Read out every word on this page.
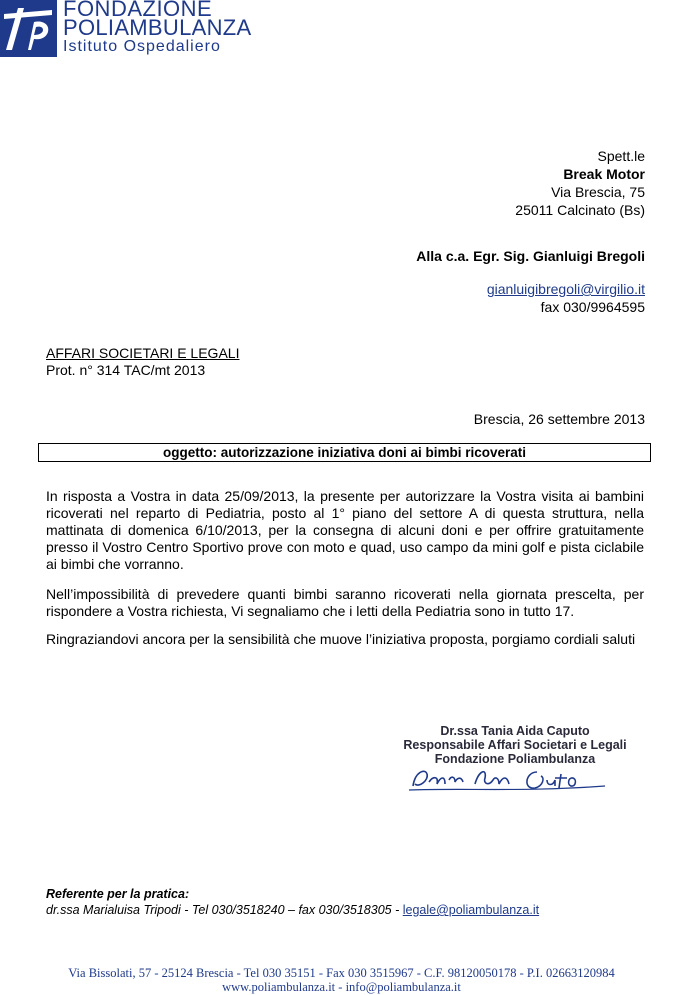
FONDAZIONE
POLIAMBULANZA
Istituto Ospedaliero
Spett.le
Break Motor
Via Brescia, 75
25011 Calcinato (Bs)
Alla c.a. Egr. Sig. Gianluigi Bregoli
gianluigibregoli@virgilio.it
fax 030/9964595
AFFARI SOCIETARI E LEGALI
Prot. n° 314 TAC/mt 2013
Brescia, 26 settembre 2013
oggetto: autorizzazione iniziativa doni ai bimbi ricoverati

In risposta a Vostra in data 25/09/2013, la presente per autorizzare la Vostra visita ai bambini ricoverati nel reparto di Pediatria, posto al 1° piano del settore A di questa struttura, nella mattinata di domenica 6/10/2013, per la consegna di alcuni doni e per offrire gratuitamente presso il Vostro Centro Sportivo prove con moto e quad, uso campo da mini golf e pista ciclabile ai bimbi che vorranno.

Nell’impossibilità di prevedere quanti bimbi saranno ricoverati nella giornata prescelta, per rispondere a Vostra richiesta, Vi segnaliamo che i letti della Pediatria sono in tutto 17.

Ringraziandovi ancora per la sensibilità che muove l’iniziativa proposta, porgiamo cordiali saluti

Dr.ssa Tania Aida Caputo
Responsabile Affari Societari e Legali
Fondazione Poliambulanza
Referente per la pratica:
dr.ssa Marialuisa Tripodi - Tel 030/3518240 – fax 030/3518305 - legale@poliambulanza.it
Via Bissolati, 57 - 25124 Brescia - Tel 030 35151 - Fax 030 3515967 - C.F. 98120050178 - P.I. 02663120984
www.poliambulanza.it - info@poliambulanza.it
